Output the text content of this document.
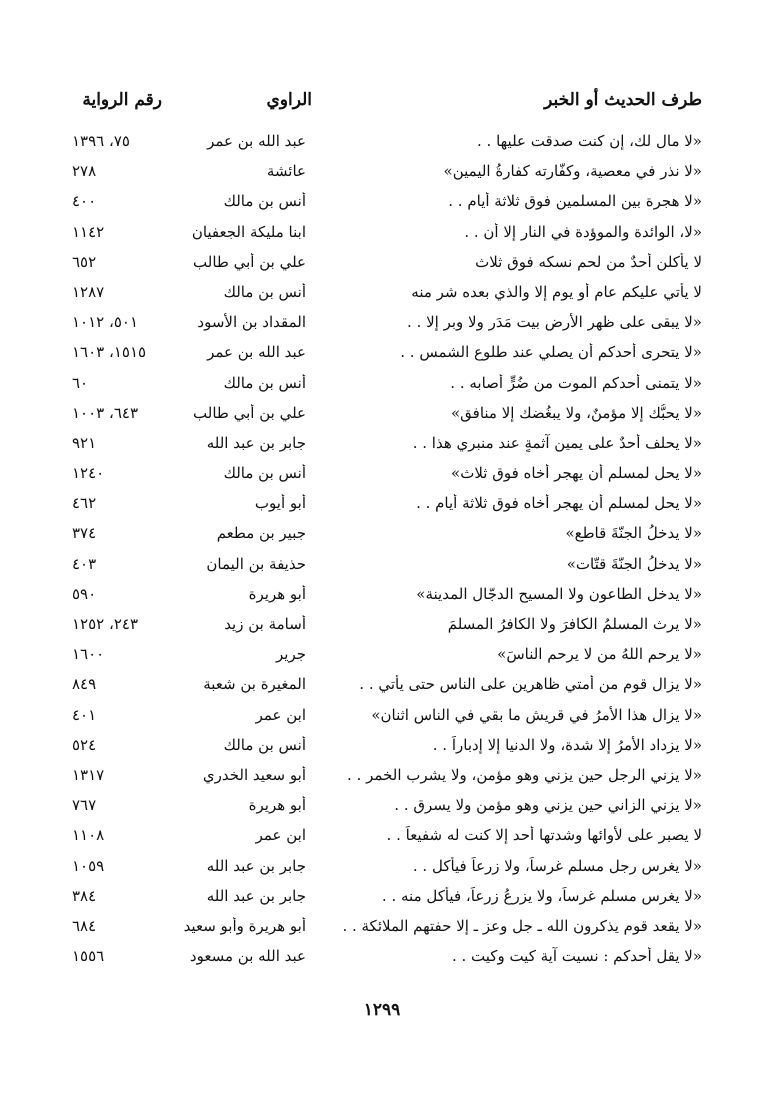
طرف الحديث أو الخبر
الراوي
رقم الرواية
«لا مال لك، إن كنت صدقت عليها . .
عبد الله بن عمر
٧٥، ١٣٩٦
«لا نذر في معصية، وكفّارته كفارةُ اليمين»
عائشة
٢٧٨
«لا هجرة بين المسلمين فوق ثلاثة أيام . .
أنس بن مالك
٤٠٠
«لا، الوائدة والموؤدة في النار إلا أن . .
ابنا مليكة الجعفيان
١١٤٢
لا يأكلن أحدٌ من لحم نسكه فوق ثلاث
علي بن أبي طالب
٦٥٢
لا يأتي عليكم عام أو يوم إلا والذي بعده شر منه
أنس بن مالك
١٢٨٧
«لا يبقى على ظهر الأرض بيت مَدَر ولا وبر إلا . .
المقداد بن الأسود
٥٠١، ١٠١٢
«لا يتحرى أحدكم أن يصلي عند طلوع الشمس . .
عبد الله بن عمر
١٥١٥، ١٦٠٣
«لا يتمنى أحدكم الموت من ضُرٍّ أصابه . .
أنس بن مالك
٦٠
«لا يحبُّك إلا مؤمنٌ، ولا يبغُضك إلا منافق»
علي بن أبي طالب
٦٤٣، ١٠٠٣
«لا يحلف أحدٌ على يمين آثمةٍ عند منبري هذا . .
جابر بن عبد الله
٩٢١
«لا يحل لمسلم أن يهجر أخاه فوق ثلاث»
أنس بن مالك
١٢٤٠
«لا يحل لمسلم أن يهجر أخاه فوق ثلاثة أيام . .
أبو أيوب
٤٦٢
«لا يدخلُ الجنّةَ قاطع»
جبير بن مطعم
٣٧٤
«لا يدخلُ الجنّةَ قتّات»
حذيفة بن اليمان
٤٠٣
«لا يدخل الطاعون ولا المسيح الدجّال المدينة»
أبو هريرة
٥٩٠
«لا يرث المسلمُ الكافرَ ولا الكافرُ المسلمَ
أسامة بن زيد
٢٤٣، ١٢٥٢
«لا يرحم اللهُ من لا يرحم الناسَ»
جرير
١٦٠٠
«لا يزال قوم من أمتي ظاهرين على الناس حتى يأتي . .
المغيرة بن شعبة
٨٤٩
«لا يزال هذا الأمرُ في قريش ما بقي في الناس اثنان»
ابن عمر
٤٠١
«لا يزداد الأمرُ إلا شدة، ولا الدنيا إلا إدباراً . .
أنس بن مالك
٥٢٤
«لا يزني الرجل حين يزني وهو مؤمن، ولا يشرب الخمر . .
أبو سعيد الخدري
١٣١٧
«لا يزني الزاني حين يزني وهو مؤمن ولا يسرق . .
أبو هريرة
٧٦٧
لا يصبر على لأوائها وشدتها أحد إلا كنت له شفيعاً . .
ابن عمر
١١٠٨
«لا يغرس رجل مسلم غرساً، ولا زرعاً فيأكل . .
جابر بن عبد الله
١٠٥٩
«لا يغرس مسلم غرساً، ولا يزرعُ زرعاً، فيأكل منه . .
جابر بن عبد الله
٣٨٤
«لا يقعد قوم يذكرون الله ـ جل وعز ـ إلا حفتهم الملائكة . .
أبو هريرة وأبو سعيد
٦٨٤
«لا يقل أحدكم : نسيت آية كيت وكيت . .
عبد الله بن مسعود
١٥٥٦
١٢٩٩
